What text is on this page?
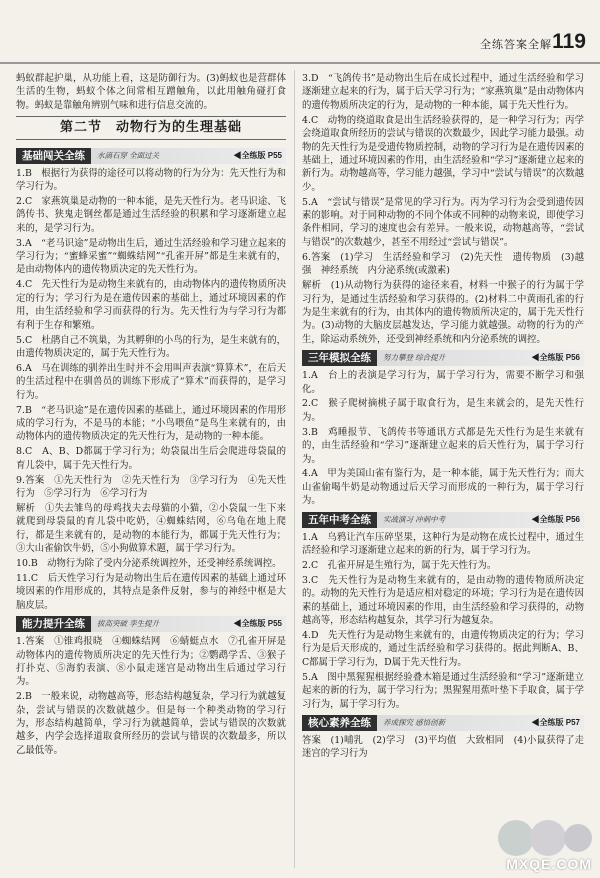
全练答案全解 119

蚂蚁群起护巢，从功能上看，这是防御行为。(3)蚂蚁也是营群体生活的生物，蚂蚁个体之间常相互蹭触角，以此用触角碰打食物。蚂蚁是靠触角辨别气味和进行信息交流的。

第二节　动物行为的生理基础
基础闯关全练	水滴石穿 全面过关	◀全练版 P55

1.B　根据行为获得的途径可以将动物的行为分为：先天性行为和学习行为。

2.C　家燕筑巢是动物的一种本能，是先天性行为。老马识途、飞鸽传书、狭鬼走钢丝都是通过生活经验的积累和学习逐渐建立起来的，是学习行为。

3.A　“老马识途”是动物出生后，通过生活经验和学习建立起来的学习行为；“蜜蜂采蜜”“蜘蛛结网”“孔雀开屏”都是生来就有的，是由动物体内的遗传物质决定的先天性行为。

4.C　先天性行为是动物生来就有的，由动物体内的遗传物质所决定的行为；学习行为是在遗传因素的基础上，通过环境因素的作用，由生活经验和学习而获得的行为。先天性行为与学习行为都有利于生存和繁殖。

5.C　杜鹃自己不筑巢，为其孵卵的小鸟的行为，是生来就有的，由遗传物质决定的，属于先天性行为。

6.A　马在训练的驯养出生时并不会用叫声表演“算算术”，在后天的生活过程中在驯兽员的训练下形成了“算术”而获得的，是学习行为。

7.B　“老马识途”是在遗传因素的基础上，通过环境因素的作用形成的学习行为，不是马的本能；“小鸟喂鱼”是鸟生来就有的，由动物体内的遗传物质决定的先天性行为，是动物的一种本能。

8.C　A、B、D都属于学习行为；幼袋鼠出生后会爬进母袋鼠的育儿袋中，属于先天性行为。

9.答案　①先天性行为　②先天性行为　③学习行为　④先天性行为　⑤学习行为　⑥学习行为

解析　①失去雏鸟的母鸡找夫去母猫的小猫，②小袋鼠一生下来就爬到母袋鼠的育儿袋中吃奶，④蜘蛛结网，⑥乌龟在地上爬行，都是生来就有的，是动物的本能行为，都属于先天性行为；③大山雀偷饮牛奶，⑤小狗做算术题，属于学习行为。

10.B　动物行为除了受内分泌系统调控外，还受神经系统调控。

11.C　后天性学习行为是动物出生后在遗传因素的基础上通过环境因素的作用形成的，其特点是条件反射，参与的神经中枢是大脑皮层。

能力提升全练	拔高突破 孪生提升	◀全练版 P55

1.答案　①锥鸡报晓　④蜘蛛结网　⑥蜻蜓点水　⑦孔雀开屏是动物体内的遗传物质所决定的先天性行为；②鹦鹉学舌、③猴子打扑克、⑤海豹表演、⑧小鼠走迷宫是动物出生后通过学习行为。

2.B　一般来说，动物越高等，形态结构越复杂，学习行为就越复杂，尝试与错误的次数就越少。但是每一个种类动物的学习行为，形态结构越简单，学习行为就越简单，尝试与错误的次数就越多，内学会选择道取食所经历的尝试与错误的次数最多，所以乙最低等。

3.D　“飞鸽传书”是动物出生后在成长过程中，通过生活经验和学习逐渐建立起来的行为，属于后天学习行为；“家燕筑巢”是由动物体内的遗传物质所决定的行为，是动物的一种本能，属于先天性行为。

4.C　动物的绕道取食是出生活经验获得的，是一种学习行为；丙学会绕道取食所经历的尝试与错误的次数最少，因此学习能力最强。动物的先天性行为是受遗传物质控制，动物的学习行为是在遗传因素的基础上，通过环境因素的作用，由生活经验和“学习”逐渐建立起来的新行为。动物越高等，学习能力越强，学习中“尝试与错误”的次数越少。

5.A　“尝试与错误”是常见的学习行为。丙为学习行为会受到遗传因素的影响。对于同种动物的不同个体或不同种的动物来说，即使学习条件相同，学习的速度也会有差异。一般来说，动物越高等，“尝试与错误”的次数越少，甚至不用经过“尝试与错误”。

6.答案　(1)学习　生活经验和学习　(2)先天性　遗传物质　(3)越强　神经系统　内分泌系统(或激素)

解析　(1)从动物行为获得的途径来看，材料一中猴子的行为属于学习行为，是通过生活经验和学习获得的。(2)材料二中黄雨孔雀的行为是生来就有的行为，由其体内的遗传物质所决定的，属于先天性行为。(3)动物的大脑皮层越发达，学习能力就越强。动物的行为的产生，除运动系统外，还受到神经系统和内分泌系统的调控。

三年模拟全练	努力攀登 综合提升	◀全练版 P56

1.A　台上的表演是学习行为，属于学习行为，需要不断学习和强化。

2.C　猴子爬树摘桃子属于取食行为，是生来就会的，是先天性行为。

3.B　鸡睡报节、飞鸽传书等通讯方式都是先天性行为是生来就有的，由生活经验和“学习”逐渐建立起来的后天性行为，属于学习行为。

4.A　甲为美国山雀有鉴行为，是一种本能，属于先天性行为；而大山雀偷喝牛奶是动物通过后天学习而形成的一种行为，属于学习行为。

五年中考全练	实战演习 冲刺中考	◀全练版 P56

1.A　乌鸦让汽车压碎坚果，这种行为是动物在成长过程中，通过生活经验和学习逐渐建立起来的新的行为，属于学习行为。

2.C　孔雀开屏是生殖行为，属于先天性行为。

3.C　先天性行为是动物生来就有的，是由动物的遗传物质所决定的。动物的先天性行为是适应相对稳定的环境；学习行为是在遗传因素的基础上，通过环境因素的作用，由生活经验和学习获得的，动物越高等，形态结构越复杂，其学习行为越复杂。

4.D　先天性行为是动物生来就有的，由遗传物质决定的行为；学习行为是后天形成的，通过生活经验和学习获得的。据此判断A、B、C都属于学习行为，D属于先天性行为。

5.A　图中黑猩猩根据经验叠木箱是通过生活经验和“学习”逐渐建立起来的新的行为，属于学习行为；黑猩猩用蕉叶垫下手取食，属于学习行为，属于学习行为。

核心素养全练	养成探究 感悟创新	◀全练版 P57

答案　(1)哺乳　(2)学习　(3)平均值　大致相同　(4)小鼠获得了走迷宫的学习行为

MXQE.COM
